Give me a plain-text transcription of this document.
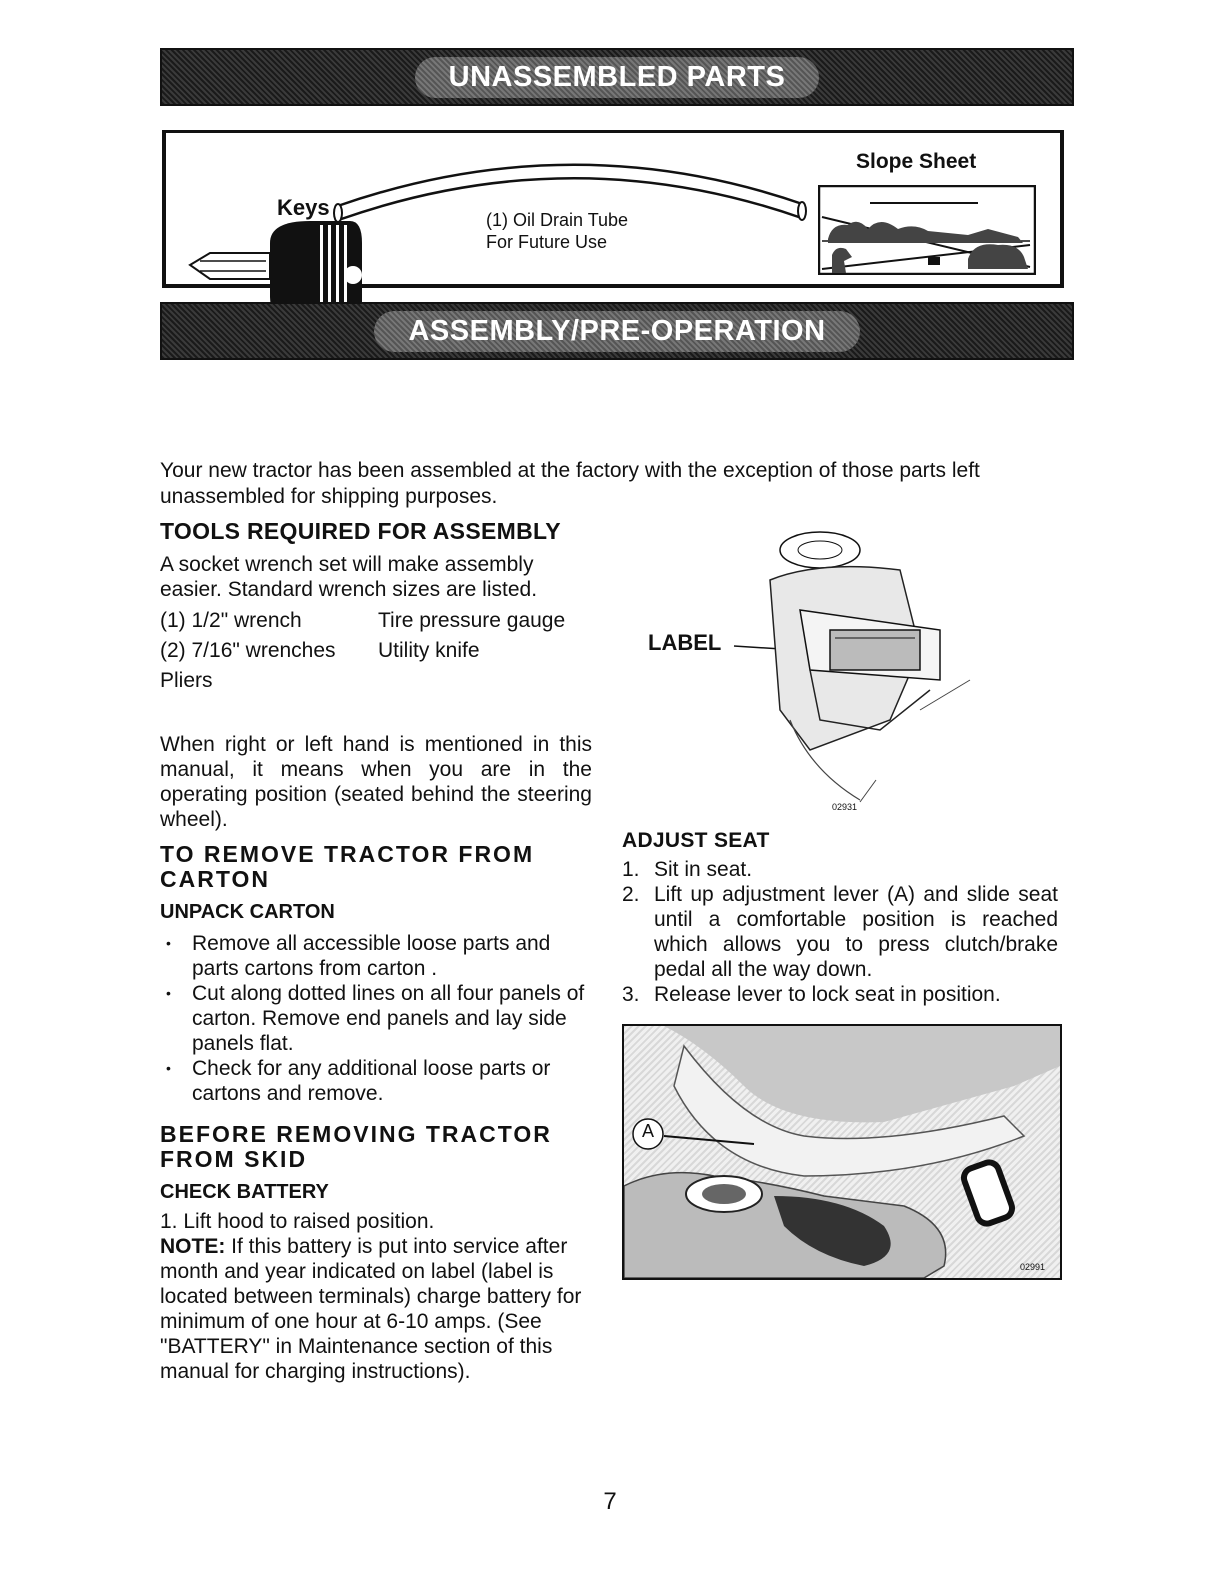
UNASSEMBLED PARTS
Keys	(1) Oil Drain Tube
For Future Use
Slope Sheet
ASSEMBLY/PRE-OPERATION
Your new tractor has been assembled at the factory with the exception of those parts left unassembled for shipping purposes.
TOOLS REQUIRED FOR ASSEMBLY
A socket wrench set will make assembly easier. Standard wrench sizes are listed.
(1) 1/2" wrench	Tire pressure gauge
(2) 7/16" wrenches	Utility knife
Pliers
When right or left hand is mentioned in this manual, it means when you are in the operating position (seated behind the steering wheel).
TO REMOVE TRACTOR FROM CARTON
UNPACK CARTON
• Remove all accessible loose parts and parts cartons from carton .
• Cut along dotted lines on all four panels of carton. Remove end panels and lay side panels flat.
• Check for any additional loose parts or cartons and remove.
BEFORE REMOVING TRACTOR FROM SKID
CHECK BATTERY
1. Lift hood to raised position.
NOTE: If this battery is put into service after month and year indicated on label (label is located between terminals) charge battery for minimum of one hour at 6-10 amps. (See "BATTERY" in Maintenance section of this manual for charging instructions).
LABEL
02931
ADJUST SEAT
1. Sit in seat.
2. Lift up adjustment lever (A) and slide seat until a comfortable position is reached which allows you to press clutch/brake pedal all the way down.
3. Release lever to lock seat in position.
A
02991
7
